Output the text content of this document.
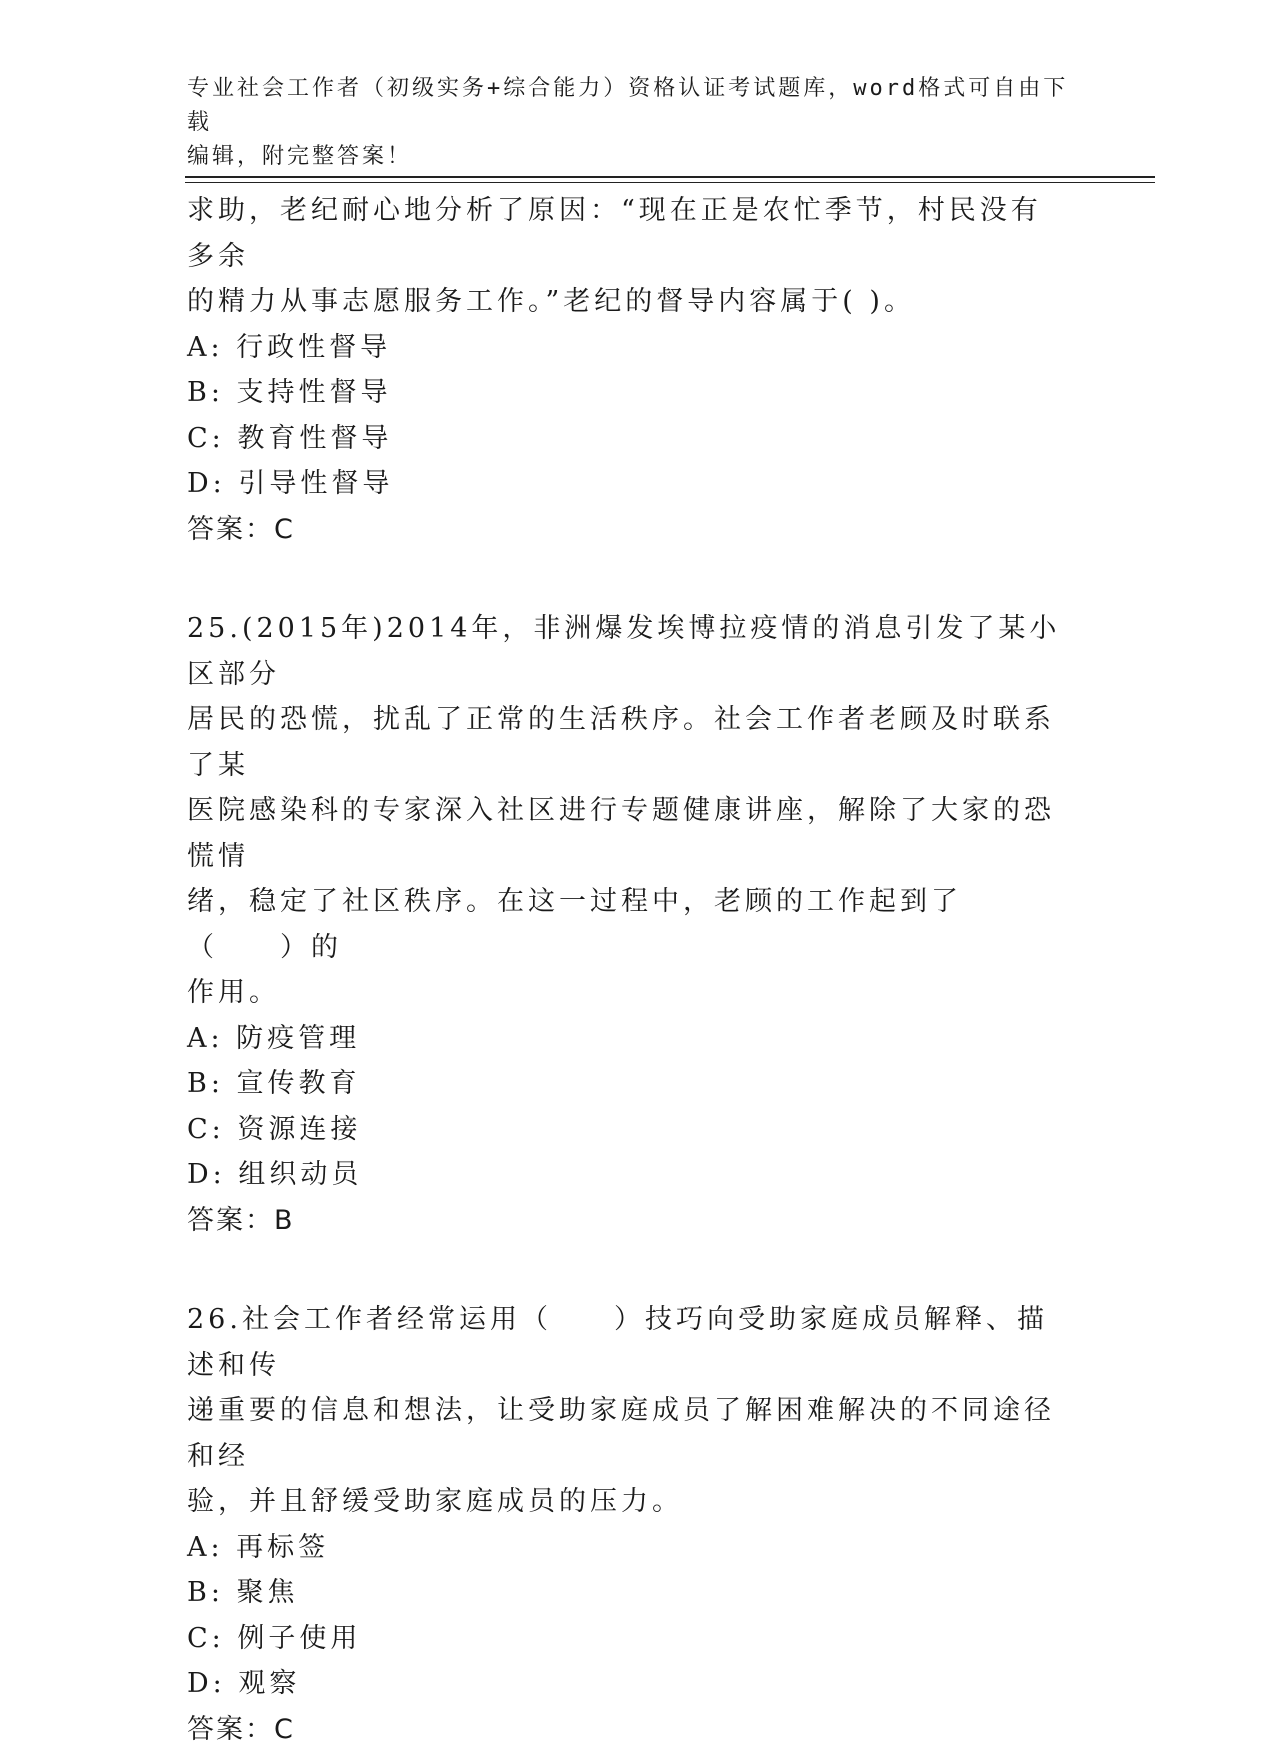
专业社会工作者（初级实务+综合能力）资格认证考试题库，word格式可自由下载
编辑，附完整答案！

求助，老纪耐心地分析了原因：“现在正是农忙季节，村民没有多余

的精力从事志愿服务工作。”老纪的督导内容属于( )。

A: 行政性督导

B: 支持性督导

C: 教育性督导

D: 引导性督导

答案：C

25.(2015年)2014年，非洲爆发埃博拉疫情的消息引发了某小区部分

居民的恐慌，扰乱了正常的生活秩序。社会工作者老顾及时联系了某

医院感染科的专家深入社区进行专题健康讲座，解除了大家的恐慌情

绪，稳定了社区秩序。在这一过程中，老顾的工作起到了（　　）的

作用。

A: 防疫管理

B: 宣传教育

C: 资源连接

D: 组织动员

答案：B

26.社会工作者经常运用（　　）技巧向受助家庭成员解释、描述和传

递重要的信息和想法，让受助家庭成员了解困难解决的不同途径和经

验，并且舒缓受助家庭成员的压力。

A: 再标签

B: 聚焦

C: 例子使用

D: 观察

答案：C
